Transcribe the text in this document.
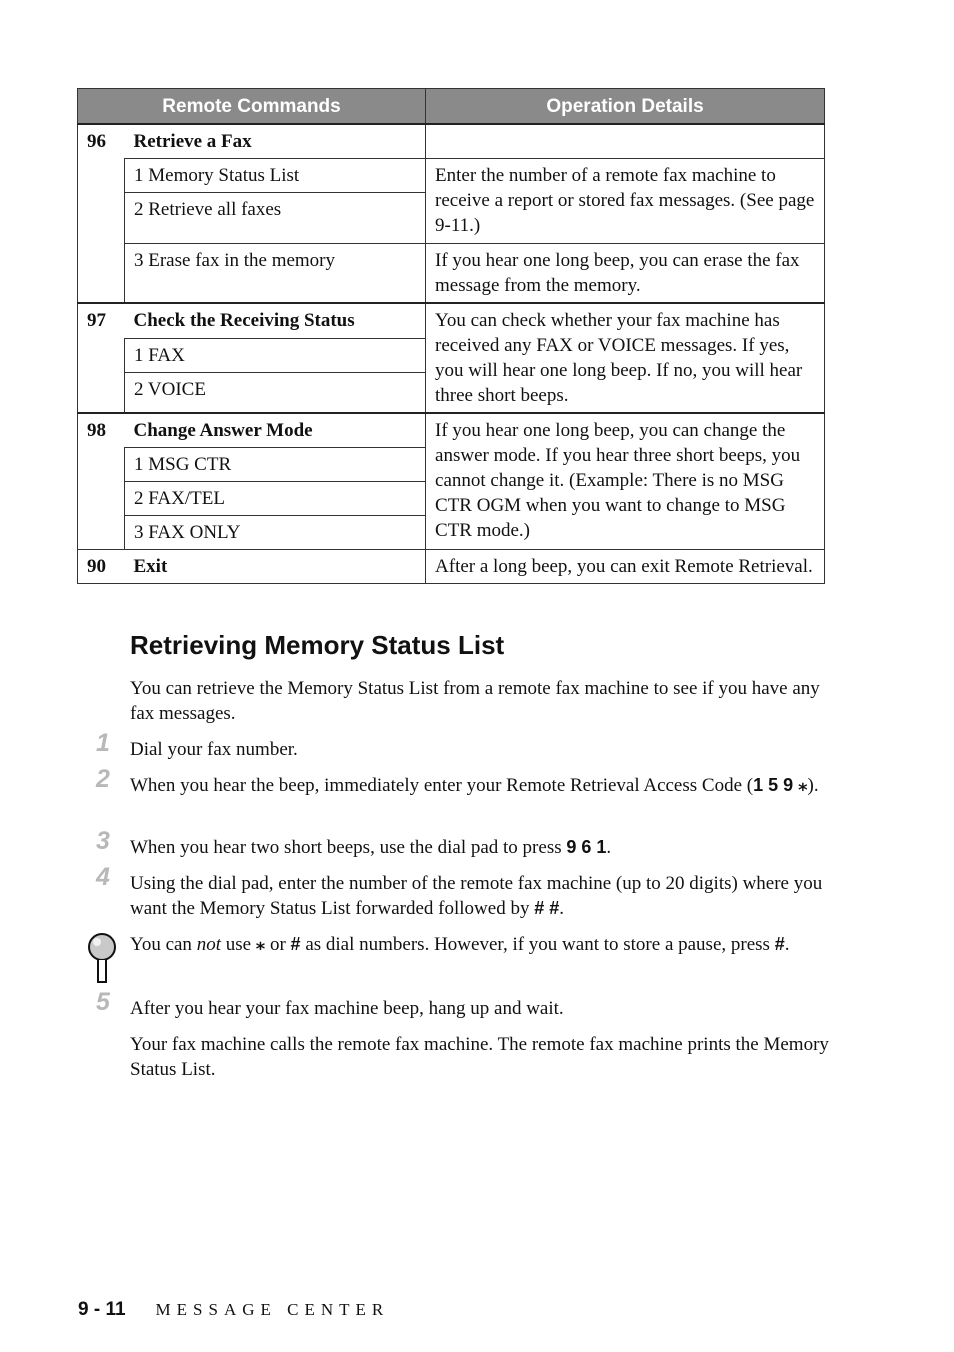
Remote Commands		Operation Details
96	Retrieve a Fax	
	1 Memory Status List	Enter the number of a remote fax machine to receive a report or stored fax messages. (See page 9-11.)
	2 Retrieve all faxes	
	3 Erase fax in the memory	If you hear one long beep, you can erase the fax message from the memory.
97	Check the Receiving Status	You can check whether your fax machine has received any FAX or VOICE messages. If yes, you will hear one long beep. If no, you will hear three short beeps.
	1 FAX	
	2 VOICE	
98	Change Answer Mode	If you hear one long beep, you can change the answer mode. If you hear three short beeps, you cannot change it. (Example: There is no MSG CTR OGM when you want to change to MSG CTR mode.)
	1 MSG CTR	
	2 FAX/TEL	
	3 FAX ONLY	
90	Exit	After a long beep, you can exit Remote Retrieval.
Retrieving Memory Status List

You can retrieve the Memory Status List from a remote fax machine to see if you have any fax messages.

1 Dial your fax number.
2 When you hear the beep, immediately enter your Remote Retrieval Access Code (1 5 9 ⁎).
3 When you hear two short beeps, use the dial pad to press 9 6 1.
4 Using the dial pad, enter the number of the remote fax machine (up to 20 digits) where you want the Memory Status List forwarded followed by # #.

You can not use ⁎ or # as dial numbers. However, if you want to store a pause, press #.

5 After you hear your fax machine beep, hang up and wait.

Your fax machine calls the remote fax machine. The remote fax machine prints the Memory Status List.

9 - 11 MESSAGE CENTER
